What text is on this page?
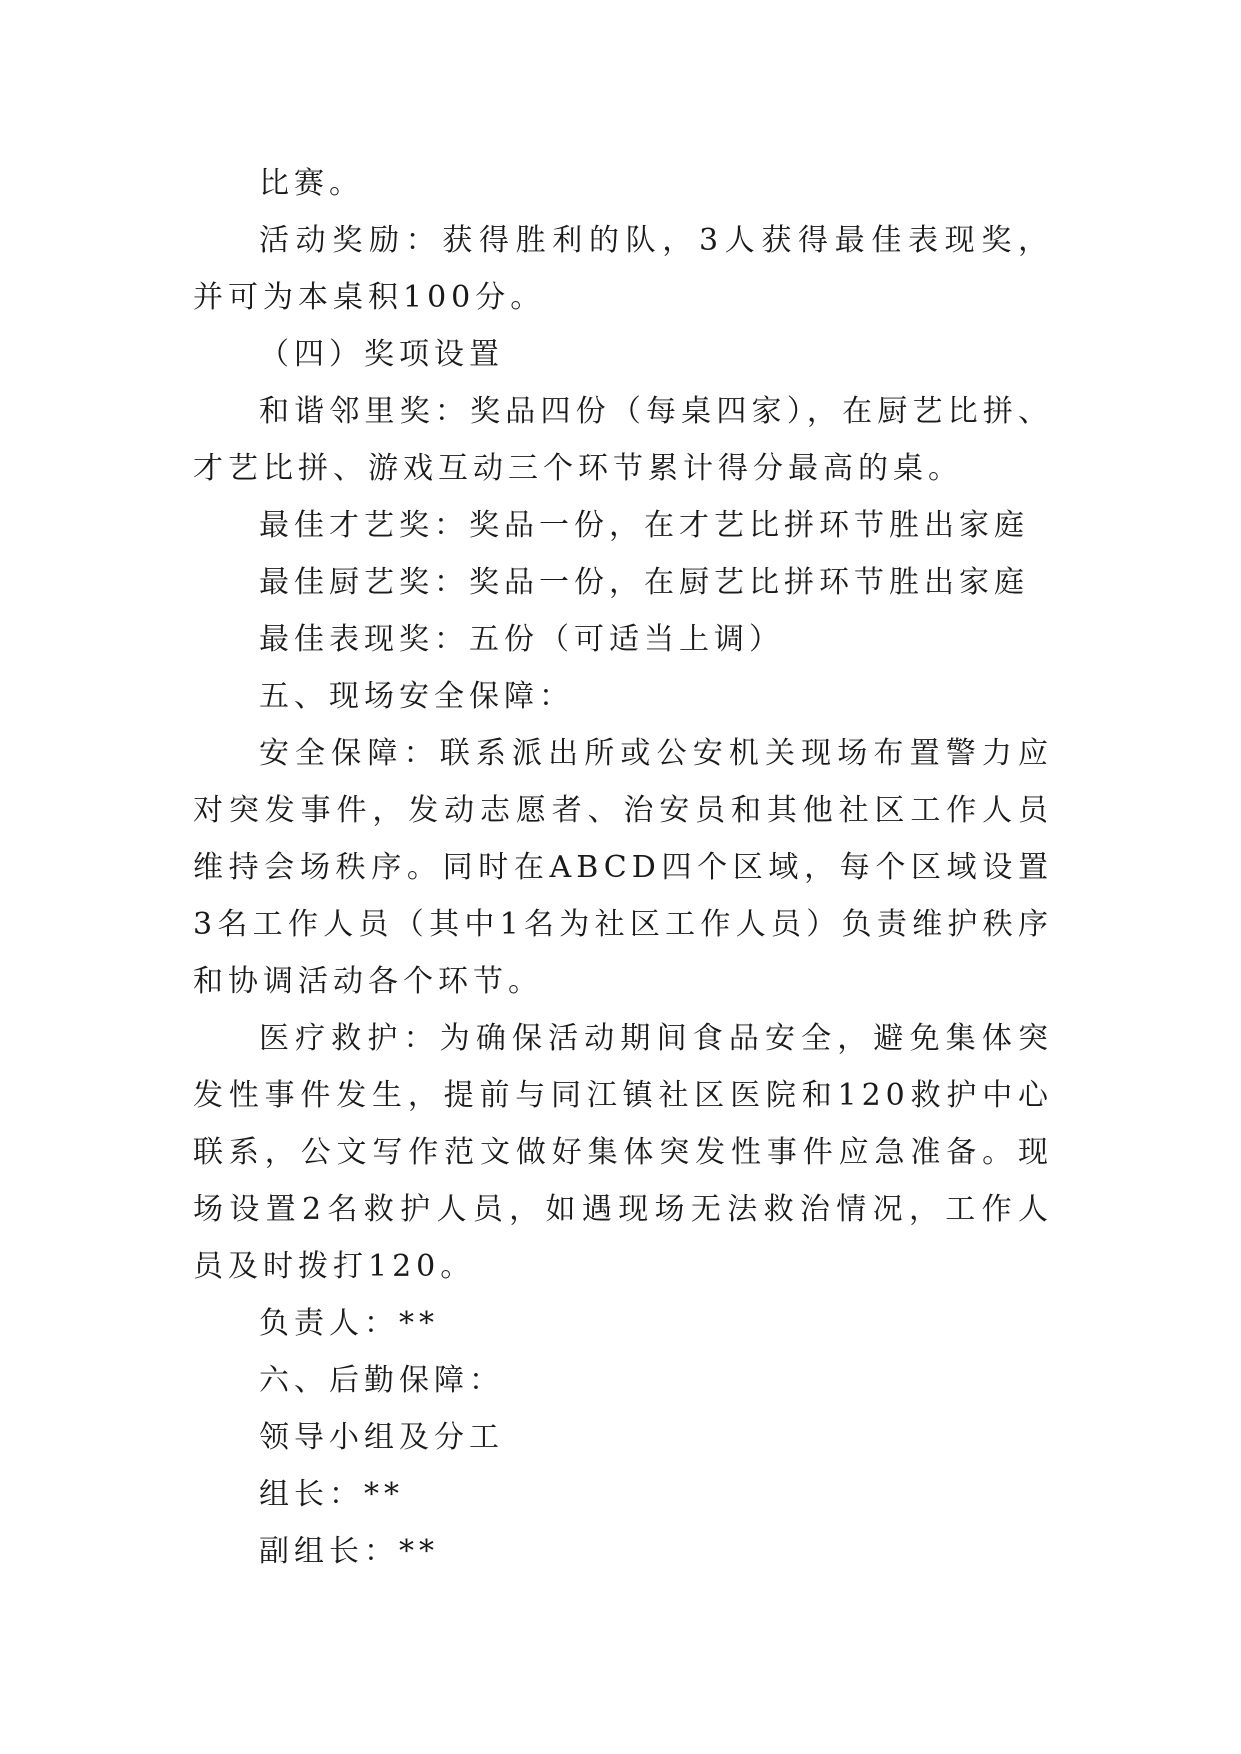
比赛。

活动奖励：获得胜利的队，3人获得最佳表现奖，并可为本桌积100分。

（四）奖项设置

和谐邻里奖：奖品四份（每桌四家），在厨艺比拼、才艺比拼、游戏互动三个环节累计得分最高的桌。

最佳才艺奖：奖品一份，在才艺比拼环节胜出家庭

最佳厨艺奖：奖品一份，在厨艺比拼环节胜出家庭

最佳表现奖：五份（可适当上调）

五、现场安全保障：

安全保障：联系派出所或公安机关现场布置警力应对突发事件，发动志愿者、治安员和其他社区工作人员维持会场秩序。同时在ABCD四个区域，每个区域设置3名工作人员（其中1名为社区工作人员）负责维护秩序和协调活动各个环节。

医疗救护：为确保活动期间食品安全，避免集体突发性事件发生，提前与同江镇社区医院和120救护中心联系，公文写作范文做好集体突发性事件应急准备。现场设置2名救护人员，如遇现场无法救治情况，工作人员及时拨打120。

负责人：**

六、后勤保障：

领导小组及分工

组长：**

副组长：**
